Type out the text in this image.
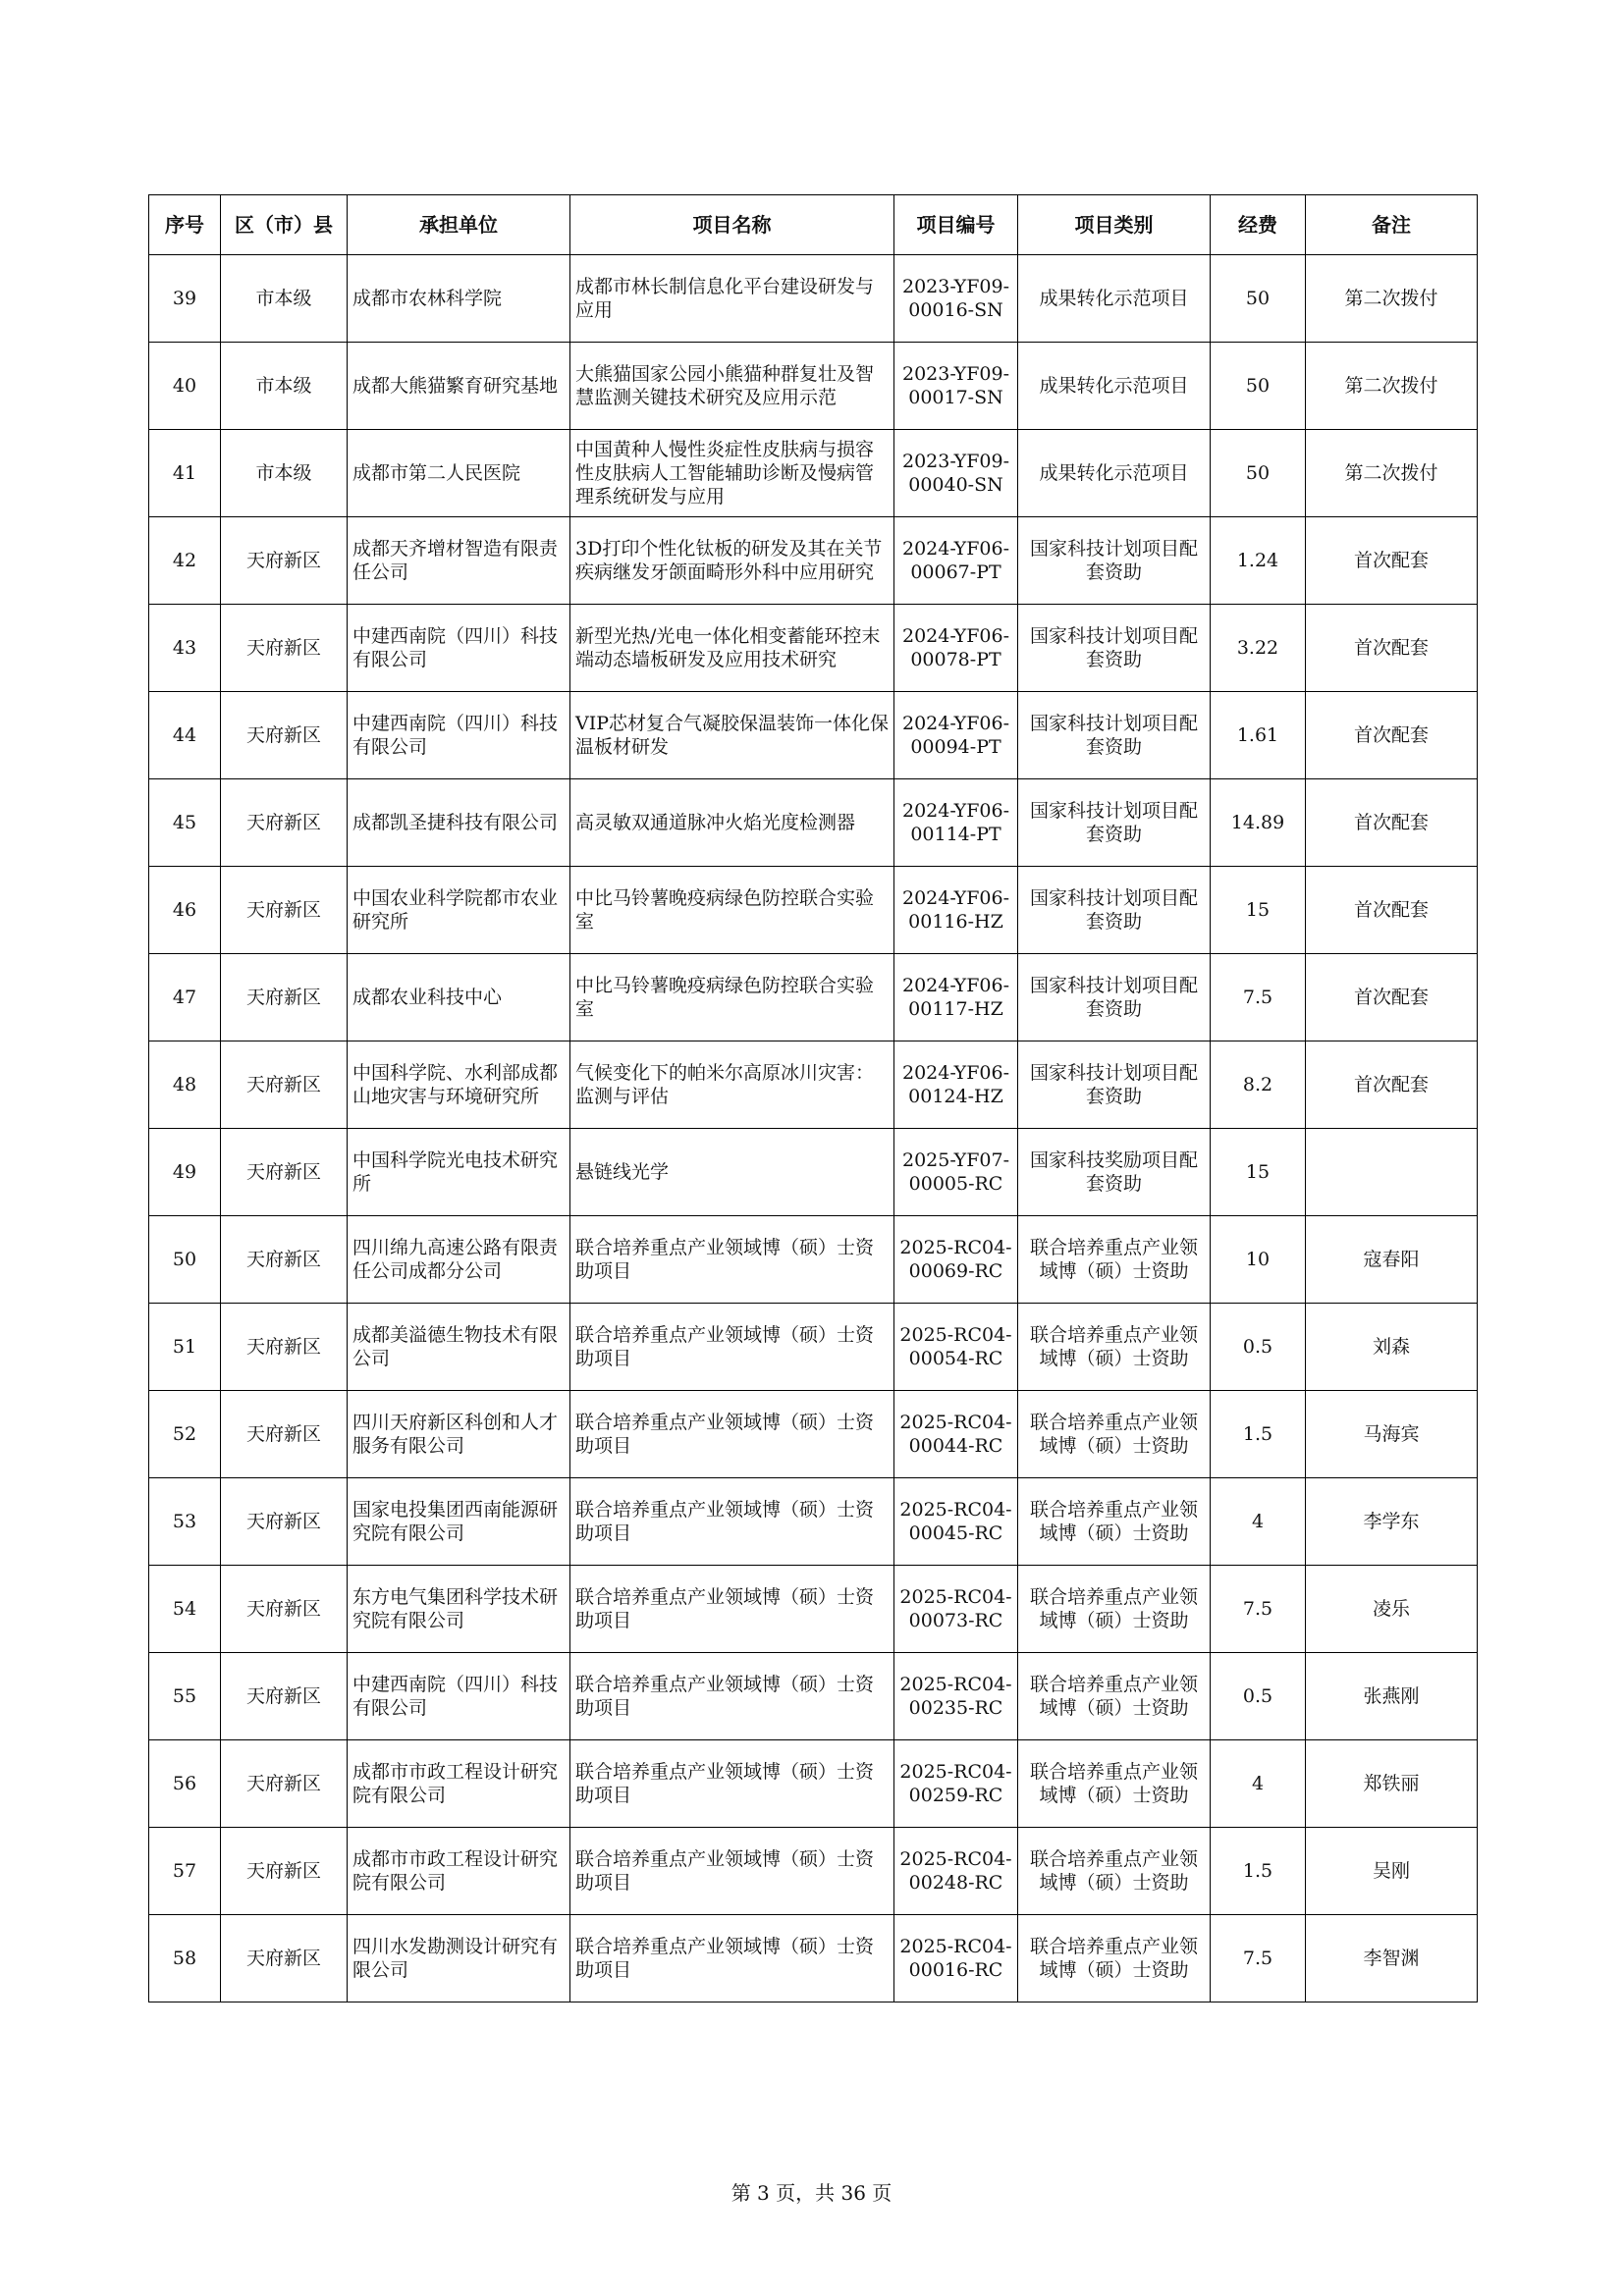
序号	区（市）县	承担单位	项目名称	项目编号	项目类别	经费	备注
39	市本级	成都市农林科学院	成都市林长制信息化平台建设研发与应用	2023-YF09-00016-SN	成果转化示范项目	50	第二次拨付
40	市本级	成都大熊猫繁育研究基地	大熊猫国家公园小熊猫种群复壮及智慧监测关键技术研究及应用示范	2023-YF09-00017-SN	成果转化示范项目	50	第二次拨付
41	市本级	成都市第二人民医院	中国黄种人慢性炎症性皮肤病与损容性皮肤病人工智能辅助诊断及慢病管理系统研发与应用	2023-YF09-00040-SN	成果转化示范项目	50	第二次拨付
42	天府新区	成都天齐增材智造有限责任公司	3D打印个性化钛板的研发及其在关节疾病继发牙颌面畸形外科中应用研究	2024-YF06-00067-PT	国家科技计划项目配套资助	1.24	首次配套
43	天府新区	中建西南院（四川）科技有限公司	新型光热/光电一体化相变蓄能环控末端动态墙板研发及应用技术研究	2024-YF06-00078-PT	国家科技计划项目配套资助	3.22	首次配套
44	天府新区	中建西南院（四川）科技有限公司	VIP芯材复合气凝胶保温装饰一体化保温板材研发	2024-YF06-00094-PT	国家科技计划项目配套资助	1.61	首次配套
45	天府新区	成都凯圣捷科技有限公司	高灵敏双通道脉冲火焰光度检测器	2024-YF06-00114-PT	国家科技计划项目配套资助	14.89	首次配套
46	天府新区	中国农业科学院都市农业研究所	中比马铃薯晚疫病绿色防控联合实验室	2024-YF06-00116-HZ	国家科技计划项目配套资助	15	首次配套
47	天府新区	成都农业科技中心	中比马铃薯晚疫病绿色防控联合实验室	2024-YF06-00117-HZ	国家科技计划项目配套资助	7.5	首次配套
48	天府新区	中国科学院、水利部成都山地灾害与环境研究所	气候变化下的帕米尔高原冰川灾害：监测与评估	2024-YF06-00124-HZ	国家科技计划项目配套资助	8.2	首次配套
49	天府新区	中国科学院光电技术研究所	悬链线光学	2025-YF07-00005-RC	国家科技奖励项目配套资助	15	
50	天府新区	四川绵九高速公路有限责任公司成都分公司	联合培养重点产业领域博（硕）士资助项目	2025-RC04-00069-RC	联合培养重点产业领域博（硕）士资助	10	寇春阳
51	天府新区	成都美溢德生物技术有限公司	联合培养重点产业领域博（硕）士资助项目	2025-RC04-00054-RC	联合培养重点产业领域博（硕）士资助	0.5	刘森
52	天府新区	四川天府新区科创和人才服务有限公司	联合培养重点产业领域博（硕）士资助项目	2025-RC04-00044-RC	联合培养重点产业领域博（硕）士资助	1.5	马海宾
53	天府新区	国家电投集团西南能源研究院有限公司	联合培养重点产业领域博（硕）士资助项目	2025-RC04-00045-RC	联合培养重点产业领域博（硕）士资助	4	李学东
54	天府新区	东方电气集团科学技术研究院有限公司	联合培养重点产业领域博（硕）士资助项目	2025-RC04-00073-RC	联合培养重点产业领域博（硕）士资助	7.5	凌乐
55	天府新区	中建西南院（四川）科技有限公司	联合培养重点产业领域博（硕）士资助项目	2025-RC04-00235-RC	联合培养重点产业领域博（硕）士资助	0.5	张燕刚
56	天府新区	成都市市政工程设计研究院有限公司	联合培养重点产业领域博（硕）士资助项目	2025-RC04-00259-RC	联合培养重点产业领域博（硕）士资助	4	郑铁丽
57	天府新区	成都市市政工程设计研究院有限公司	联合培养重点产业领域博（硕）士资助项目	2025-RC04-00248-RC	联合培养重点产业领域博（硕）士资助	1.5	吴刚
58	天府新区	四川水发勘测设计研究有限公司	联合培养重点产业领域博（硕）士资助项目	2025-RC04-00016-RC	联合培养重点产业领域博（硕）士资助	7.5	李智渊
第 3 页，共 36 页
